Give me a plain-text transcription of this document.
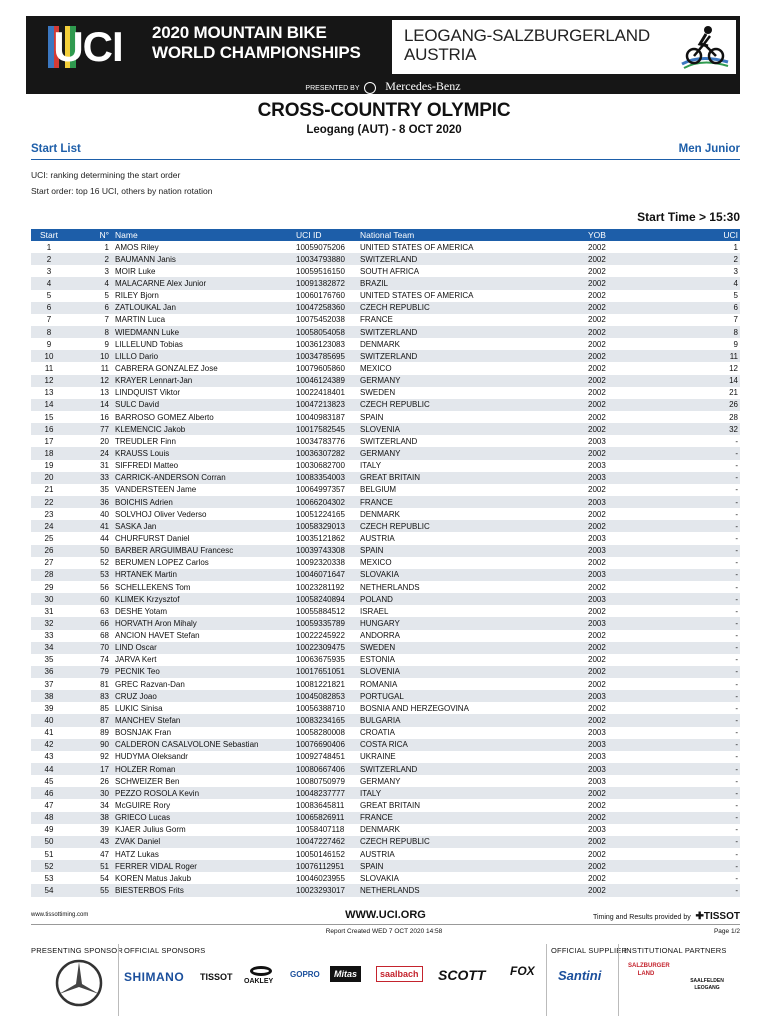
UCI 2020 MOUNTAIN BIKE
WORLD CHAMPIONSHIPS
LEOGANG-SALZBURGERLAND
AUSTRIA
PRESENTED BY Mercedes-Benz
CROSS-COUNTRY OLYMPIC
Leogang (AUT) - 8 OCT 2020
Start List	Men Junior
UCI: ranking determining the start order
Start order: top 16 UCI, others by nation rotation
Start Time > 15:30
Start	N°	Name	UCI ID	National Team	YOB	UCI
1	1	AMOS Riley	10059075206	UNITED STATES OF AMERICA	2002	1
2	2	BAUMANN Janis	10034793880	SWITZERLAND	2002	2
3	3	MOIR Luke	10059516150	SOUTH AFRICA	2002	3
4	4	MALACARNE Alex Junior	10091382872	BRAZIL	2002	4
5	5	RILEY Bjorn	10060176760	UNITED STATES OF AMERICA	2002	5
6	6	ZATLOUKAL Jan	10047258360	CZECH REPUBLIC	2002	6
7	7	MARTIN Luca	10075452038	FRANCE	2002	7
8	8	WIEDMANN Luke	10058054058	SWITZERLAND	2002	8
9	9	LILLELUND Tobias	10036123083	DENMARK	2002	9
10	10	LILLO Dario	10034785695	SWITZERLAND	2002	11
11	11	CABRERA GONZALEZ Jose	10079605860	MEXICO	2002	12
12	12	KRAYER Lennart-Jan	10046124389	GERMANY	2002	14
13	13	LINDQUIST Viktor	10022418401	SWEDEN	2002	21
14	14	SULC David	10047213823	CZECH REPUBLIC	2002	26
15	16	BARROSO GOMEZ Alberto	10040983187	SPAIN	2002	28
16	77	KLEMENCIC Jakob	10017582545	SLOVENIA	2002	32
17	20	TREUDLER Finn	10034783776	SWITZERLAND	2003	-
18	24	KRAUSS Louis	10036307282	GERMANY	2002	-
19	31	SIFFREDI Matteo	10030682700	ITALY	2003	-
20	33	CARRICK-ANDERSON Corran	10083354003	GREAT BRITAIN	2003	-
21	35	VANDERSTEEN Jame	10064997357	BELGIUM	2002	-
22	36	BOICHIS Adrien	10066204302	FRANCE	2003	-
23	40	SOLVHOJ Oliver Vederso	10051224165	DENMARK	2002	-
24	41	SASKA Jan	10058329013	CZECH REPUBLIC	2002	-
25	44	CHURFURST Daniel	10035121862	AUSTRIA	2003	-
26	50	BARBER ARGUIMBAU Francesc	10039743308	SPAIN	2003	-
27	52	BERUMEN LOPEZ Carlos	10092320338	MEXICO	2002	-
28	53	HRTANEK Martin	10046071647	SLOVAKIA	2003	-
29	56	SCHELLEKENS Tom	10023281192	NETHERLANDS	2002	-
30	60	KLIMEK Krzysztof	10058240894	POLAND	2003	-
31	63	DESHE Yotam	10055884512	ISRAEL	2002	-
32	66	HORVATH Aron Mihaly	10059335789	HUNGARY	2003	-
33	68	ANCION HAVET Stefan	10022245922	ANDORRA	2002	-
34	70	LIND Oscar	10022309475	SWEDEN	2002	-
35	74	JARVA Kert	10063675935	ESTONIA	2002	-
36	79	PECNIK Teo	10017651051	SLOVENIA	2002	-
37	81	GREC Razvan-Dan	10081221821	ROMANIA	2002	-
38	83	CRUZ Joao	10045082853	PORTUGAL	2003	-
39	85	LUKIC Sinisa	10056388710	BOSNIA AND HERZEGOVINA	2002	-
40	87	MANCHEV Stefan	10083234165	BULGARIA	2002	-
41	89	BOSNJAK Fran	10058280008	CROATIA	2003	-
42	90	CALDERON CASALVOLONE Sebastian	10076690406	COSTA RICA	2003	-
43	92	HUDYMA Oleksandr	10092748451	UKRAINE	2003	-
44	17	HOLZER Roman	10080667406	SWITZERLAND	2003	-
45	26	SCHWEIZER Ben	10080750979	GERMANY	2003	-
46	30	PEZZO ROSOLA Kevin	10048237777	ITALY	2002	-
47	34	McGUIRE Rory	10083645811	GREAT BRITAIN	2002	-
48	38	GRIECO Lucas	10065826911	FRANCE	2002	-
49	39	KJAER Julius Gorm	10058407118	DENMARK	2003	-
50	43	ZVAK Daniel	10047227462	CZECH REPUBLIC	2002	-
51	47	HATZ Lukas	10050146152	AUSTRIA	2002	-
52	51	FERRER VIDAL Roger	10076112951	SPAIN	2002	-
53	54	KOREN Matus Jakub	10046023955	SLOVAKIA	2002	-
54	55	BIESTERBOS Frits	10023293017	NETHERLANDS	2002	-
www.tissottiming.com	WWW.UCI.ORG	Timing and Results provided by  ✚TISSOT
Report Created WED 7 OCT 2020 14:58	Page 1/2
PRESENTING SPONSOR OFFICIAL SPONSORS	OFFICIAL SUPPLIER
INSTITUTIONAL PARTNERS
SHIMANO TISSOT OAKLEY
GOPRO	Mitas	saalbach SCOTT FOX Santini
SALZBURGER LAND
SAALFELDEN LEOGANG
